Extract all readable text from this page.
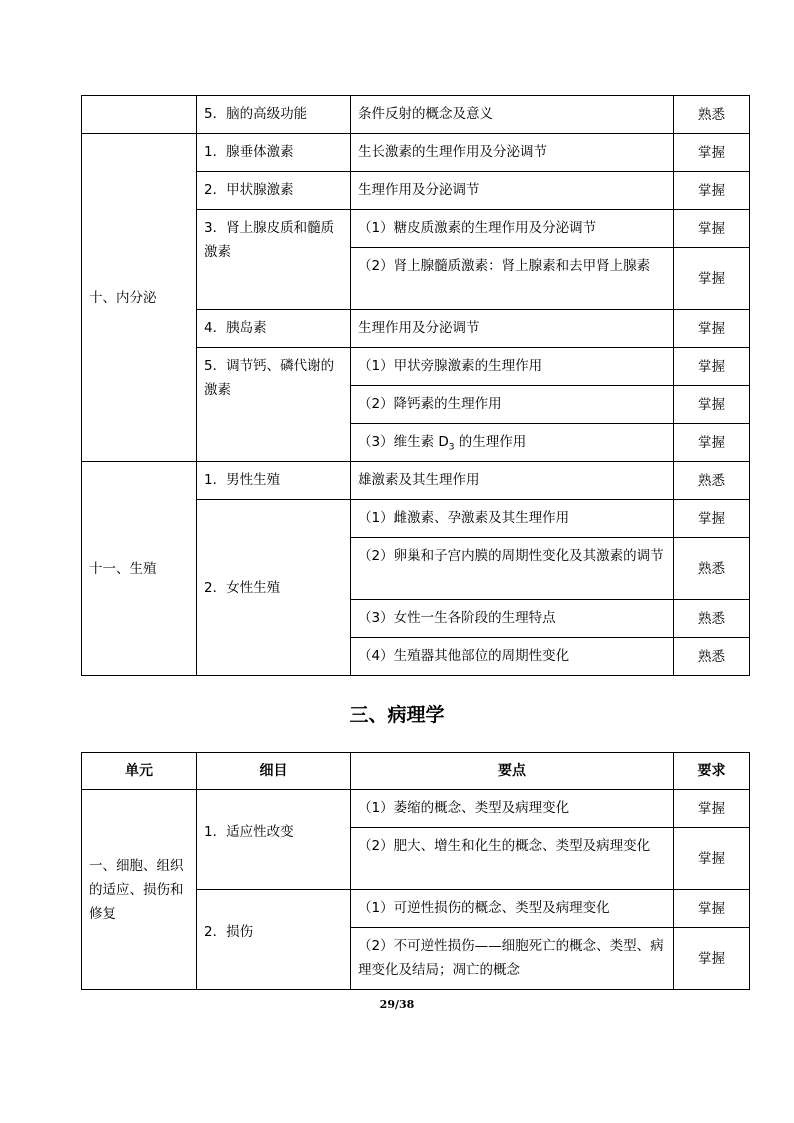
	5．脑的高级功能	条件反射的概念及意义	熟悉
十、内分泌	1．腺垂体激素	生长激素的生理作用及分泌调节	掌握
	2．甲状腺激素	生理作用及分泌调节	掌握
	3．肾上腺皮质和髓质激素	（1）糖皮质激素的生理作用及分泌调节	掌握
		（2）肾上腺髓质激素：肾上腺素和去甲肾上腺素	掌握
	4．胰岛素	生理作用及分泌调节	掌握
	5．调节钙、磷代谢的激素	（1）甲状旁腺激素的生理作用	掌握
		（2）降钙素的生理作用	掌握
		（3）维生素 $D_3$ 的生理作用	掌握
十一、生殖	1．男性生殖	雄激素及其生理作用	熟悉
	2．女性生殖	（1）雌激素、孕激素及其生理作用	掌握
		（2）卵巢和子宫内膜的周期性变化及其激素的调节	熟悉
		（3）女性一生各阶段的生理特点	熟悉
		（4）生殖器其他部位的周期性变化	熟悉
三、病理学
单元	细目	要点	要求
一、细胞、组织的适应、损伤和修复	1．适应性改变	（1）萎缩的概念、类型及病理变化	掌握
		（2）肥大、增生和化生的概念、类型及病理变化	掌握
	2．损伤	（1）可逆性损伤的概念、类型及病理变化	掌握
		（2）不可逆性损伤——细胞死亡的概念、类型、病理变化及结局；凋亡的概念	掌握
29/38
